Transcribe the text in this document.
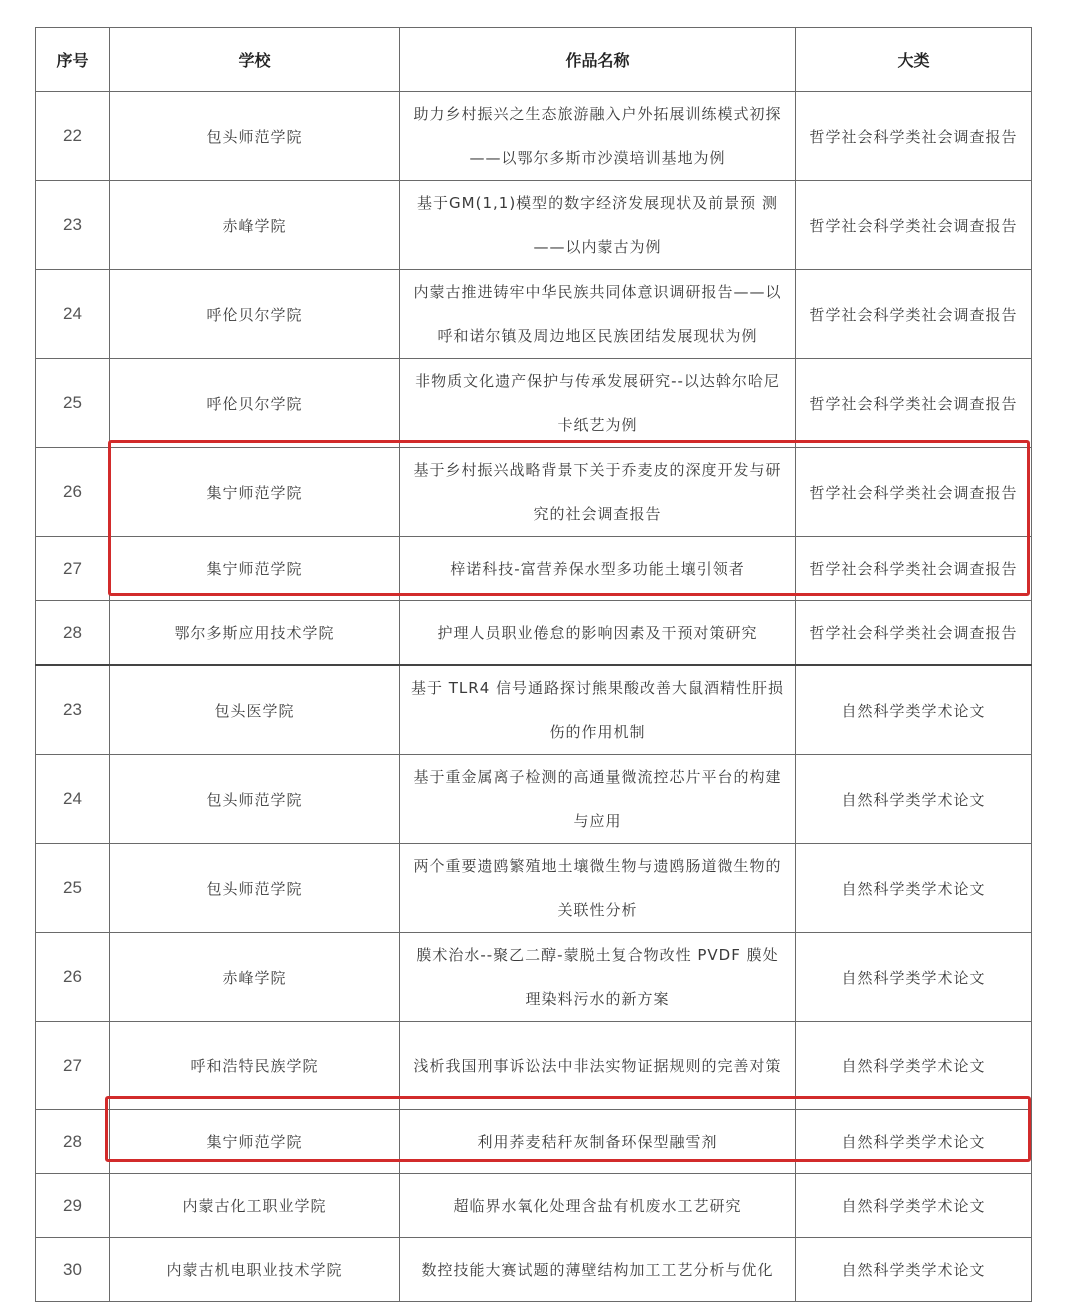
序号	学校	作品名称	大类
22	包头师范学院	助力乡村振兴之生态旅游融入户外拓展训练模式初探——以鄂尔多斯市沙漠培训基地为例	哲学社会科学类社会调查报告
23	赤峰学院	基于GM(1,1)模型的数字经济发展现状及前景预 测——以内蒙古为例	哲学社会科学类社会调查报告
24	呼伦贝尔学院	内蒙古推进铸牢中华民族共同体意识调研报告——以呼和诺尔镇及周边地区民族团结发展现状为例	哲学社会科学类社会调查报告
25	呼伦贝尔学院	非物质文化遗产保护与传承发展研究--以达斡尔哈尼卡纸艺为例	哲学社会科学类社会调查报告
26	集宁师范学院	基于乡村振兴战略背景下关于乔麦皮的深度开发与研究的社会调查报告	哲学社会科学类社会调查报告
27	集宁师范学院	梓诺科技-富营养保水型多功能土壤引领者	哲学社会科学类社会调查报告
28	鄂尔多斯应用技术学院	护理人员职业倦怠的影响因素及干预对策研究	哲学社会科学类社会调查报告
23	包头医学院	基于 TLR4 信号通路探讨熊果酸改善大鼠酒精性肝损伤的作用机制	自然科学类学术论文
24	包头师范学院	基于重金属离子检测的高通量微流控芯片平台的构建与应用	自然科学类学术论文
25	包头师范学院	两个重要遗鸥繁殖地土壤微生物与遗鸥肠道微生物的关联性分析	自然科学类学术论文
26	赤峰学院	膜术治水--聚乙二醇-蒙脱土复合物改性 PVDF 膜处理染料污水的新方案	自然科学类学术论文
27	呼和浩特民族学院	浅析我国刑事诉讼法中非法实物证据规则的完善对策	自然科学类学术论文
28	集宁师范学院	利用荞麦秸秆灰制备环保型融雪剂	自然科学类学术论文
29	内蒙古化工职业学院	超临界水氧化处理含盐有机废水工艺研究	自然科学类学术论文
30	内蒙古机电职业技术学院	数控技能大赛试题的薄壁结构加工工艺分析与优化	自然科学类学术论文
